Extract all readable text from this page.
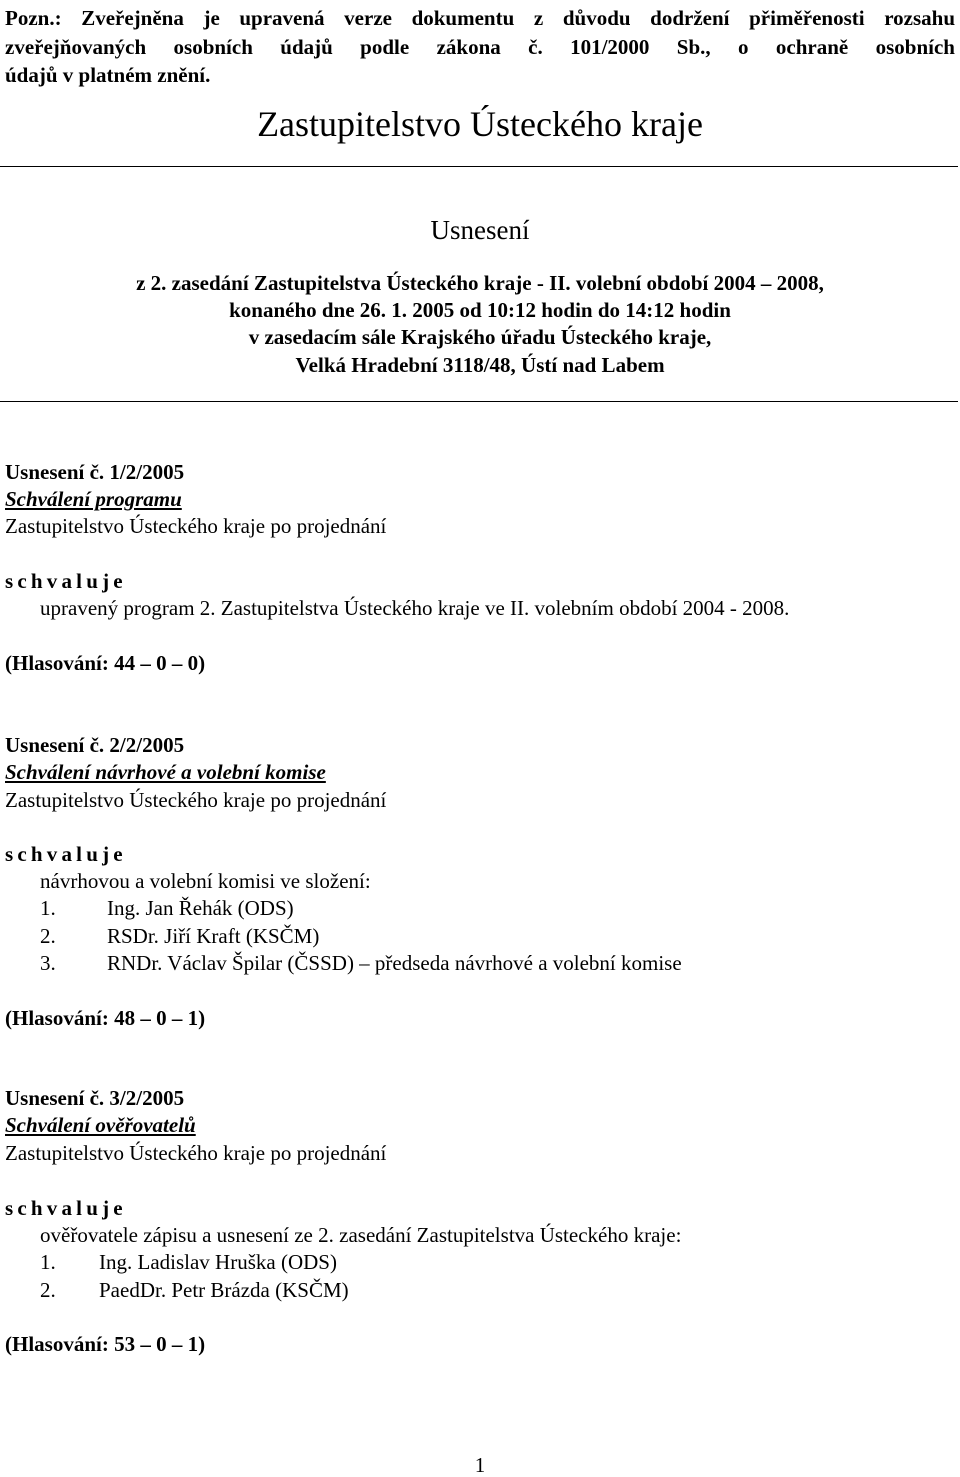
Pozn.: Zveřejněna je upravená verze dokumentu z důvodu dodržení přiměřenosti rozsahu
zveřejňovaných osobních údajů podle zákona č. 101/2000 Sb., o ochraně osobních
údajů v platném znění.
Zastupitelstvo Ústeckého kraje
Usnesení
z 2. zasedání Zastupitelstva Ústeckého kraje - II. volební období 2004 – 2008,
konaného dne 26. 1. 2005 od 10:12 hodin do 14:12 hodin
v zasedacím sále Krajského úřadu Ústeckého kraje,
Velká Hradební 3118/48, Ústí nad Labem
Usnesení č. 1/2/2005
Schválení programu
Zastupitelstvo Ústeckého kraje po projednání
schvaluje
upravený program 2. Zastupitelstva Ústeckého kraje ve II. volebním období 2004 - 2008.
(Hlasování: 44 – 0 – 0)
Usnesení č. 2/2/2005
Schválení návrhové a volební komise
Zastupitelstvo Ústeckého kraje po projednání
schvaluje
návrhovou a volební komisi ve složení:
1. Ing. Jan Řehák (ODS)
2. RSDr. Jiří Kraft (KSČM)
3. RNDr. Václav Špilar (ČSSD) – předseda návrhové a volební komise
(Hlasování: 48 – 0 – 1)
Usnesení č. 3/2/2005
Schválení ověřovatelů
Zastupitelstvo Ústeckého kraje po projednání
schvaluje
ověřovatele zápisu a usnesení ze 2. zasedání Zastupitelstva Ústeckého kraje:
1. Ing. Ladislav Hruška (ODS)
2. PaedDr. Petr Brázda (KSČM)
(Hlasování: 53 – 0 – 1)
1
